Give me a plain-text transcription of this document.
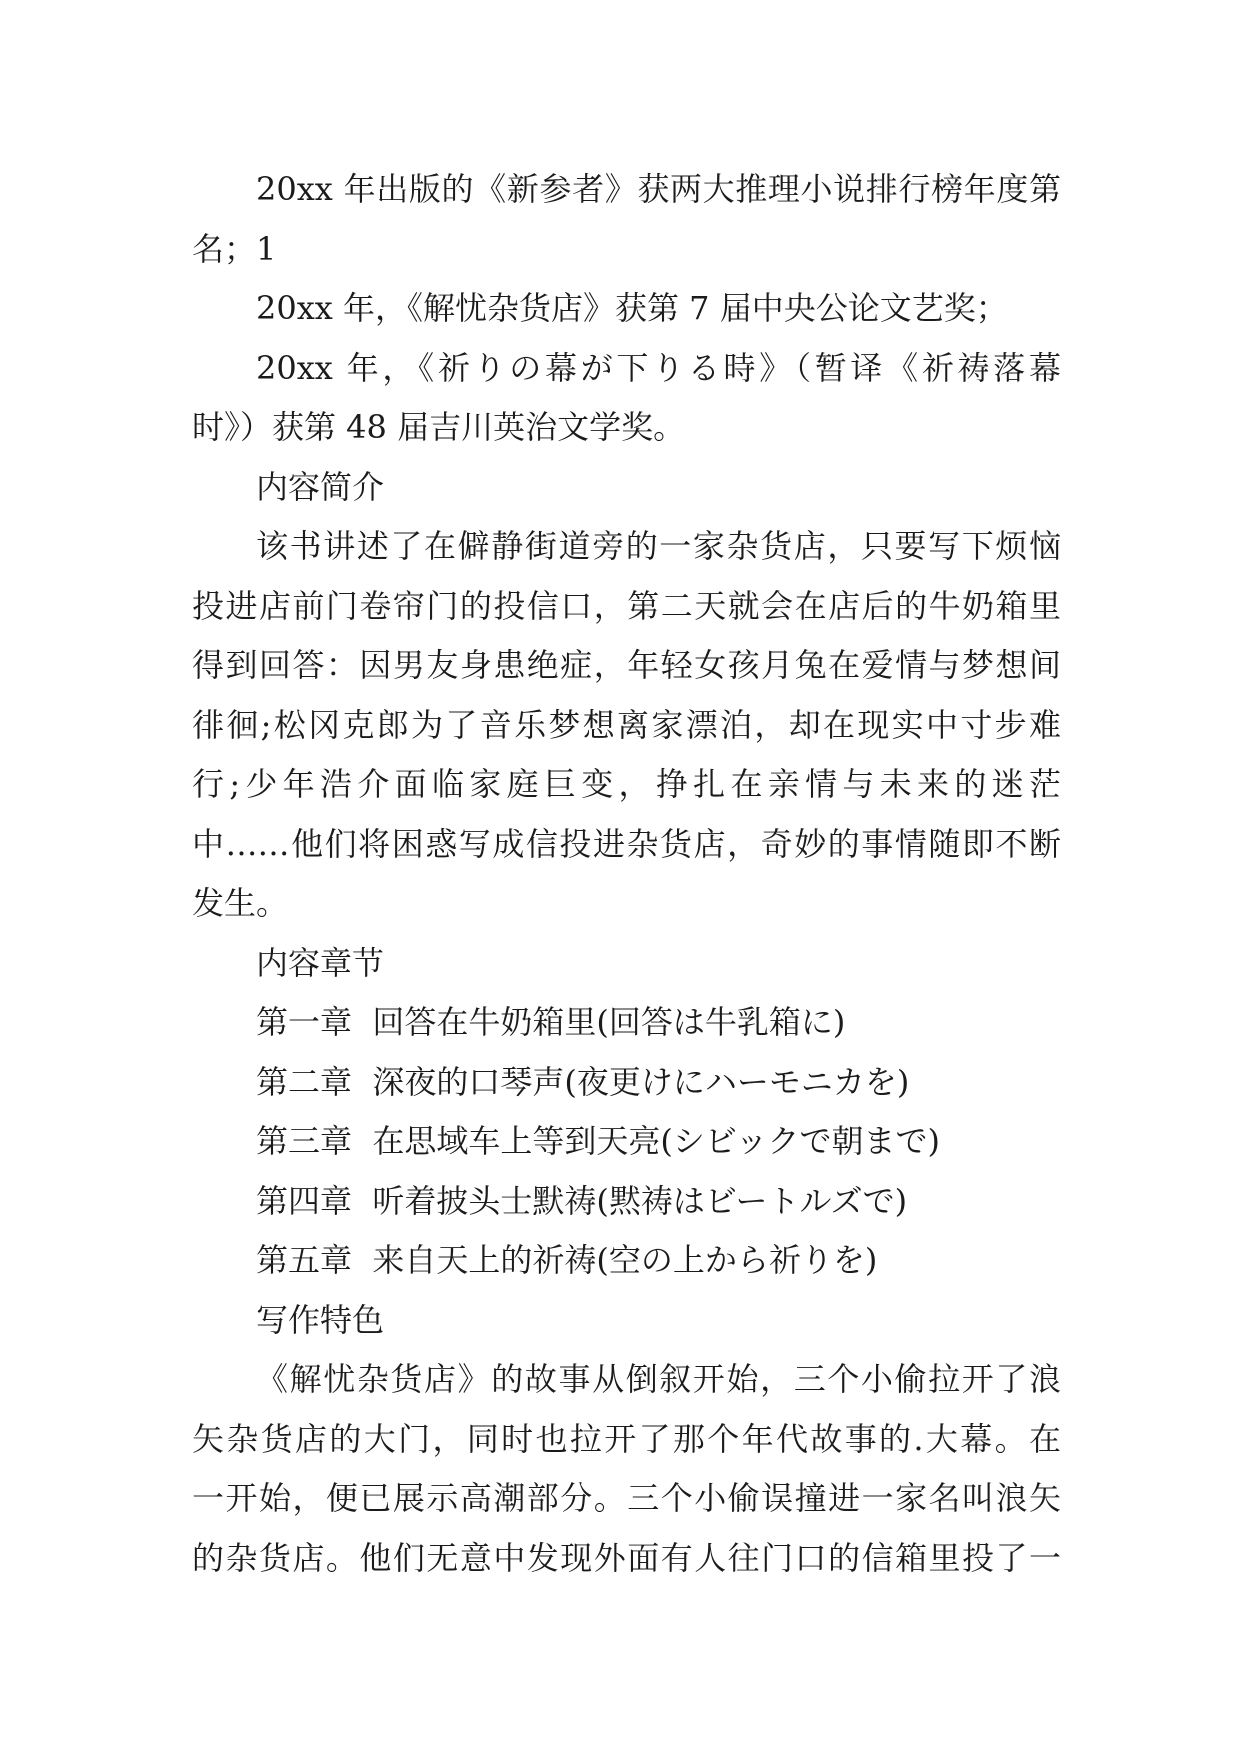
20xx 年出版的《新参者》获两大推理小说排行榜年度第 1
名；
20xx 年，《解忧杂货店》获第 7 届中央公论文艺奖；
20xx 年，《祈りの幕が下りる時》（暂译《祈祷落幕
时》）获第 48 届吉川英治文学奖。
内容简介
该书讲述了在僻静街道旁的一家杂货店，只要写下烦恼
投进店前门卷帘门的投信口，第二天就会在店后的牛奶箱里
得到回答：因男友身患绝症，年轻女孩月兔在爱情与梦想间
徘徊;松冈克郎为了音乐梦想离家漂泊，却在现实中寸步难
行;少年浩介面临家庭巨变，挣扎在亲情与未来的迷茫
中……他们将困惑写成信投进杂货店，奇妙的事情随即不断
发生。
内容章节
第一章  回答在牛奶箱里(回答は牛乳箱に)
第二章  深夜的口琴声(夜更けにハーモニカを)
第三章  在思域车上等到天亮(シビックで朝まで)
第四章  听着披头士默祷(黙祷はビートルズで)
第五章  来自天上的祈祷(空の上から祈りを)
写作特色
《解忧杂货店》的故事从倒叙开始，三个小偷拉开了浪
矢杂货店的大门，同时也拉开了那个年代故事的.大幕。在
一开始，便已展示高潮部分。三个小偷误撞进一家名叫浪矢
的杂货店。他们无意中发现外面有人往门口的信箱里投了一
